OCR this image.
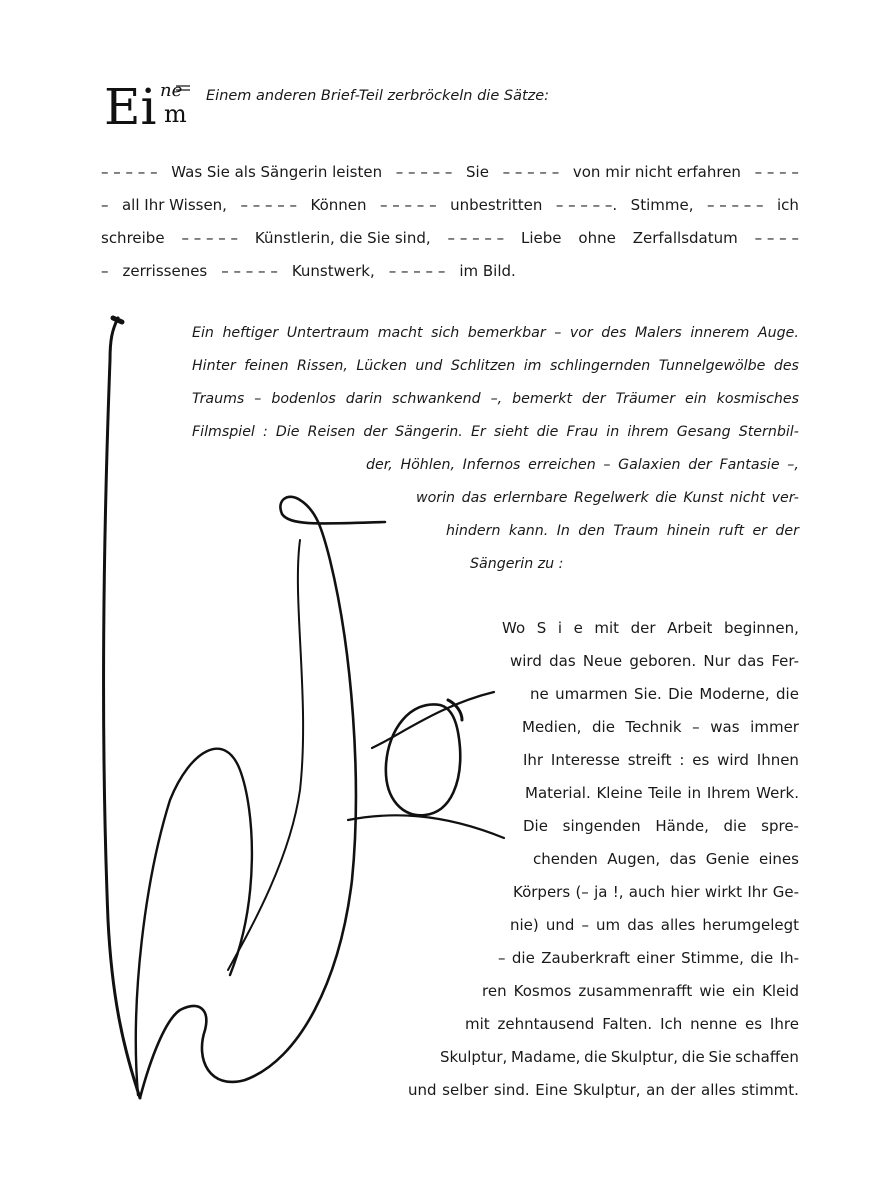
Ei ne
m
Einem anderen Brief-Teil zerbröckeln die Sätze:
– – – – – Was Sie als Sängerin leisten – – – – – Sie – – – – – von mir nicht erfahren – – – –
– all Ihr Wissen, – – – – – Können – – – – – unbestritten – – – – –. Stimme, – – – – – ich
schreibe – – – – – Künstlerin, die Sie sind, – – – – – Liebe ohne Zerfallsdatum – – – –
– zerrissenes – – – – – Kunstwerk, – – – – – im Bild.
Ein heftiger Untertraum macht sich bemerkbar – vor des Malers innerem Auge.
Hinter feinen Rissen, Lücken und Schlitzen im schlingernden Tunnelgewölbe des
Traums – bodenlos darin schwankend –, bemerkt der Träumer ein kosmisches
Filmspiel : Die Reisen der Sängerin. Er sieht die Frau in ihrem Gesang Sternbil-
der, Höhlen, Infernos erreichen – Galaxien der Fantasie –,
worin das erlernbare Regelwerk die Kunst nicht ver-
hindern kann. In den Traum hinein ruft er der
Sängerin zu :
Wo S i e mit der Arbeit beginnen,
wird das Neue geboren. Nur das Fer-
ne umarmen Sie. Die Moderne, die
Medien, die Technik – was immer
Ihr Interesse streift : es wird Ihnen
Material. Kleine Teile in Ihrem Werk.
Die singenden Hände, die spre-
chenden Augen, das Genie eines
Körpers (– ja !, auch hier wirkt Ihr Ge-
nie) und – um das alles herumgelegt
– die Zauberkraft einer Stimme, die Ih-
ren Kosmos zusammenrafft wie ein Kleid
mit zehntausend Falten. Ich nenne es Ihre
Skulptur, Madame, die Skulptur, die Sie schaffen
und selber sind. Eine Skulptur, an der alles stimmt.
